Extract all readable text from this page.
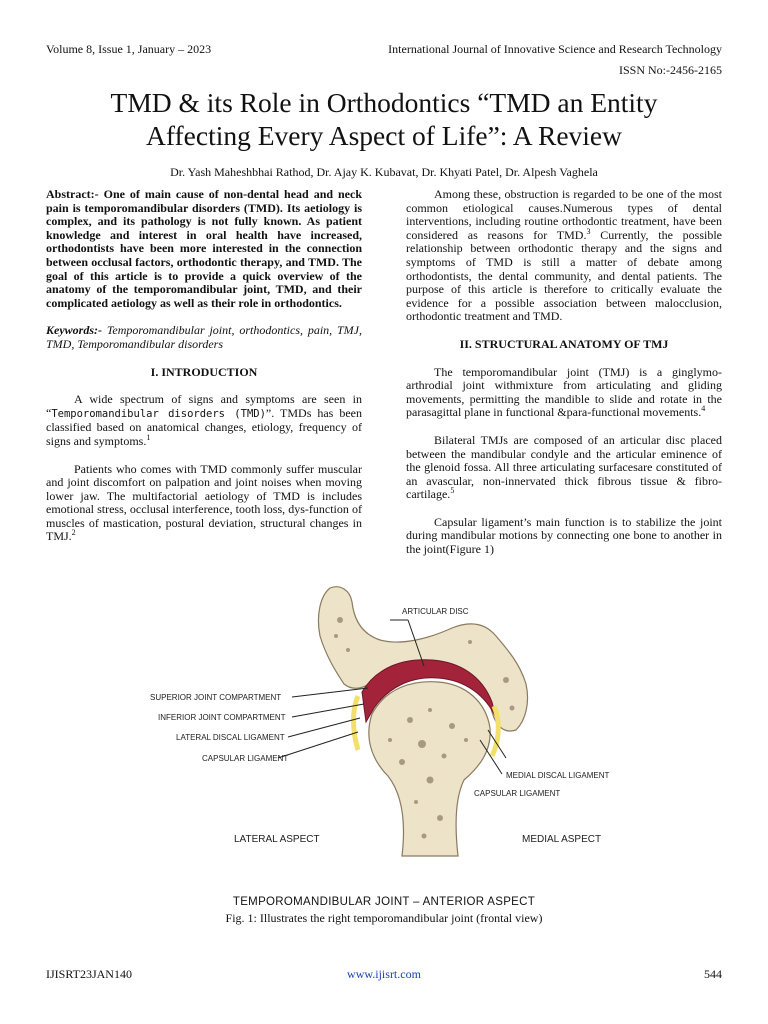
Volume 8, Issue 1, January – 2023	International Journal of Innovative Science and Research Technology
ISSN No:-2456-2165
TMD & its Role in Orthodontics “TMD an Entity
Affecting Every Aspect of Life”: A Review
Dr. Yash Maheshbhai Rathod, Dr. Ajay K. Kubavat, Dr. Khyati Patel, Dr. Alpesh Vaghela

Abstract:- One of main cause of non-dental head and neck pain is temporomandibular disorders (TMD). Its aetiology is complex, and its pathology is not fully known. As patient knowledge and interest in oral health have increased, orthodontists have been more interested in the connection between occlusal factors, orthodontic therapy, and TMD. The goal of this article is to provide a quick overview of the anatomy of the temporomandibular joint, TMD, and their complicated aetiology as well as their role in orthodontics.

Keywords:- Temporomandibular joint, orthodontics, pain, TMJ, TMD, Temporomandibular disorders

I. INTRODUCTION

A wide spectrum of signs and symptoms are seen in “Temporomandibular disorders (TMD)”. TMDs has been classified based on anatomical changes, etiology, frequency of signs and symptoms.$^1$

Patients who comes with TMD commonly suffer muscular and joint discomfort on palpation and joint noises when moving lower jaw. The multifactorial aetiology of TMD is includes emotional stress, occlusal interference, tooth loss, dys-function of muscles of mastication, postural deviation, structural changes in TMJ.$^2$

Among these, obstruction is regarded to be one of the most common etiological causes.Numerous types of dental interventions, including routine orthodontic treatment, have been considered as reasons for TMD.$^3$ Currently, the possible relationship between orthodontic therapy and the signs and symptoms of TMD is still a matter of debate among orthodontists, the dental community, and dental patients. The purpose of this article is therefore to critically evaluate the evidence for a possible association between malocclusion, orthodontic treatment and TMD.

II. STRUCTURAL ANATOMY OF TMJ

The temporomandibular joint (TMJ) is a ginglymo-arthrodial joint withmixture from articulating and gliding movements, permitting the mandible to slide and rotate in the parasagittal plane in functional &para-functional movements.$^4$

Bilateral TMJs are composed of an articular disc placed between the mandibular condyle and the articular eminence of the glenoid fossa. All three articulating surfacesare constituted of an avascular, non-innervated thick fibrous tissue & fibro-cartilage.$^5$

Capsular ligament’s main function is to stabilize the joint during mandibular motions by connecting one bone to another in the joint(Figure 1)

ARTICULAR DISC
SUPERIOR JOINT COMPARTMENT
INFERIOR JOINT COMPARTMENT
LATERAL DISCAL LIGAMENT
CAPSULAR LIGAMENT
MEDIAL DISCAL LIGAMENT
CAPSULAR LIGAMENT
LATERAL ASPECT	MEDIAL ASPECT
TEMPOROMANDIBULAR JOINT – ANTERIOR ASPECT
Fig. 1: Illustrates the right temporomandibular joint (frontal view)
IJISRT23JAN140	www.ijisrt.com	544
